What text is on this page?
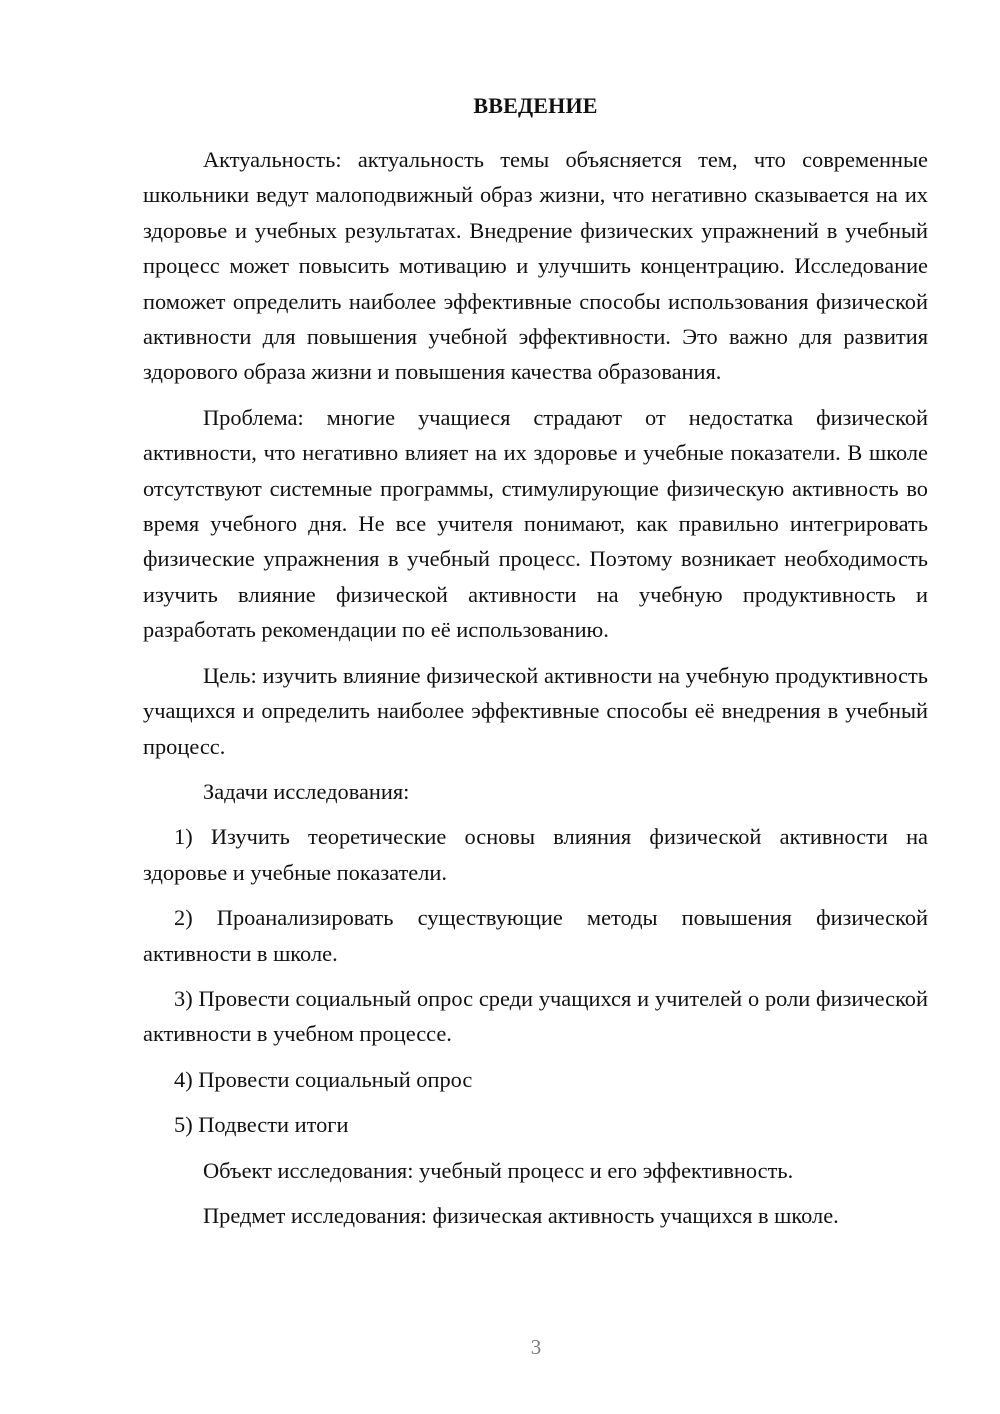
ВВЕДЕНИЕ

Актуальность: актуальность темы объясняется тем, что современные школьники ведут малоподвижный образ жизни, что негативно сказывается на их здоровье и учебных результатах. Внедрение физических упражнений в учебный процесс может повысить мотивацию и улучшить концентрацию. Исследование поможет определить наиболее эффективные способы использования физической активности для повышения учебной эффективности. Это важно для развития здорового образа жизни и повышения качества образования.

Проблема: многие учащиеся страдают от недостатка физической активности, что негативно влияет на их здоровье и учебные показатели. В школе отсутствуют системные программы, стимулирующие физическую активность во время учебного дня. Не все учителя понимают, как правильно интегрировать физические упражнения в учебный процесс. Поэтому возникает необходимость изучить влияние физической активности на учебную продуктивность и разработать рекомендации по её использованию.

Цель: изучить влияние физической активности на учебную продуктивность учащихся и определить наиболее эффективные способы её внедрения в учебный процесс.

Задачи исследования:

1) Изучить теоретические основы влияния физической активности на здоровье и учебные показатели.

2) Проанализировать существующие методы повышения физической активности в школе.

3) Провести социальный опрос среди учащихся и учителей о роли физической активности в учебном процессе.

4) Провести социальный опрос

5) Подвести итоги

Объект исследования: учебный процесс и его эффективность.

Предмет исследования: физическая активность учащихся в школе.

3
